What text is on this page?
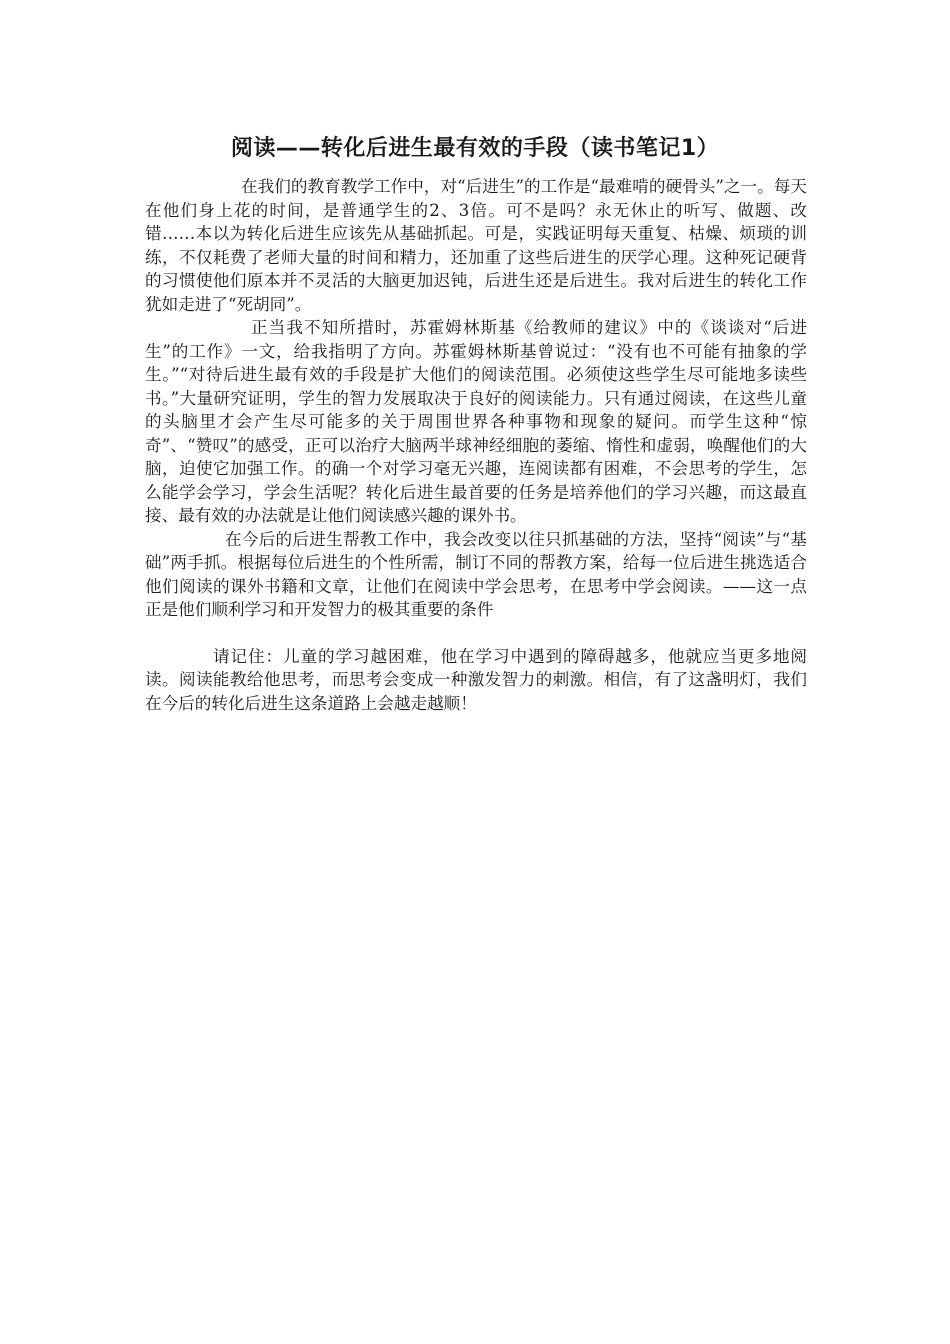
阅读——转化后进生最有效的手段（读书笔记1）

在我们的教育教学工作中，对“后进生”的工作是“最难啃的硬骨头”之一。每天在他们身上花的时间，是普通学生的2、3倍。可不是吗？永无休止的听写、做题、改错……本以为转化后进生应该先从基础抓起。可是，实践证明每天重复、枯燥、烦琐的训练，不仅耗费了老师大量的时间和精力，还加重了这些后进生的厌学心理。这种死记硬背的习惯使他们原本并不灵活的大脑更加迟钝，后进生还是后进生。我对后进生的转化工作犹如走进了“死胡同”。

正当我不知所措时，苏霍姆林斯基《给教师的建议》中的《谈谈对“后进生”的工作》一文，给我指明了方向。苏霍姆林斯基曾说过：“没有也不可能有抽象的学生。”“对待后进生最有效的手段是扩大他们的阅读范围。必须使这些学生尽可能地多读些书。”大量研究证明，学生的智力发展取决于良好的阅读能力。只有通过阅读，在这些儿童的头脑里才会产生尽可能多的关于周围世界各种事物和现象的疑问。而学生这种“惊奇”、“赞叹”的感受，正可以治疗大脑两半球神经细胞的萎缩、惰性和虚弱，唤醒他们的大脑，迫使它加强工作。的确一个对学习毫无兴趣，连阅读都有困难，不会思考的学生，怎么能学会学习，学会生活呢？转化后进生最首要的任务是培养他们的学习兴趣，而这最直接、最有效的办法就是让他们阅读感兴趣的课外书。

在今后的后进生帮教工作中，我会改变以往只抓基础的方法，坚持“阅读”与“基础”两手抓。根据每位后进生的个性所需，制订不同的帮教方案，给每一位后进生挑选适合他们阅读的课外书籍和文章，让他们在阅读中学会思考，在思考中学会阅读。——这一点正是他们顺利学习和开发智力的极其重要的条件

请记住：儿童的学习越困难，他在学习中遇到的障碍越多，他就应当更多地阅读。阅读能教给他思考，而思考会变成一种激发智力的刺激。相信，有了这盏明灯，我们在今后的转化后进生这条道路上会越走越顺！
